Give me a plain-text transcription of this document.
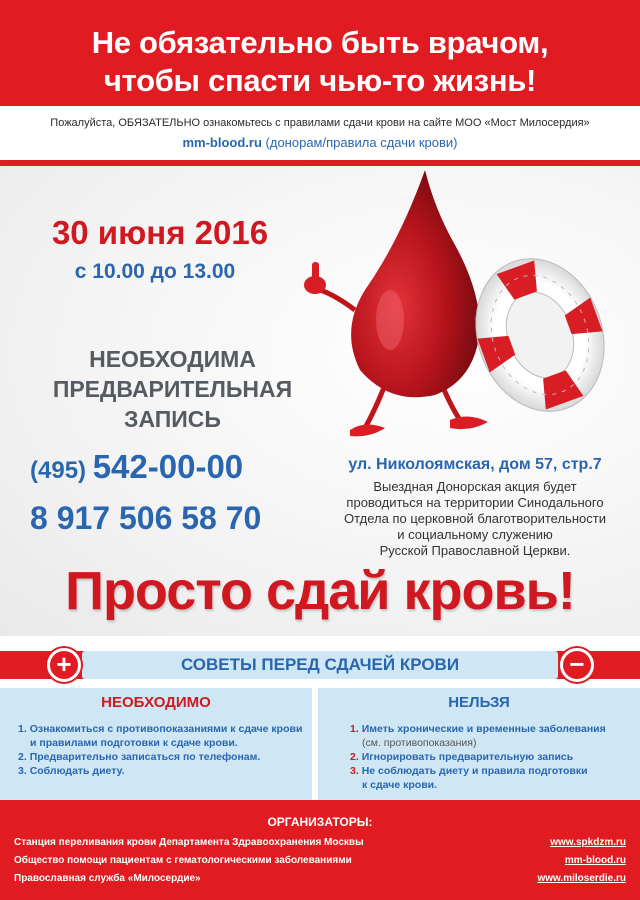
Не обязательно быть врачом,
чтобы спасти чью-то жизнь!
Пожалуйста, ОБЯЗАТЕЛЬНО ознакомьтесь с правилами сдачи крови на сайте МОО «Мост Милосердия»
mm-blood.ru (донорам/правила сдачи крови)
30 июня 2016
с 10.00 до 13.00
НЕОБХОДИМА
ПРЕДВАРИТЕЛЬНАЯ
ЗАПИСЬ
(495) 542-00-00
8 917 506 58 70
ул. Николоямская, дом 57, стр.7
Выездная Донорская акция будет
проводиться на территории Синодального
Отдела по церковной благотворительности
и социальному служению
Русской Православной Церкви.
Просто сдай кровь!
СОВЕТЫ ПЕРЕД СДАЧЕЙ КРОВИ
+	−
НЕОБХОДИМО
1. Ознакомиться с противопоказаниями к сдаче крови
и правилами подготовки к сдаче крови.
2. Предварительно записаться по телефонам.
3. Соблюдать диету.
НЕЛЬЗЯ
1. Иметь хронические и временные заболевания
(см. противопоказания)
2. Игнорировать предварительную запись
3. Не соблюдать диету и правила подготовки
к сдаче крови.
ОРГАНИЗАТОРЫ:
Станция переливания крови Департамента Здравоохранения Москвы
Общество помощи пациентам с гематологическими заболеваниями
Православная служба «Милосердие»
www.spkdzm.ru
mm-blood.ru
www.miloserdie.ru
